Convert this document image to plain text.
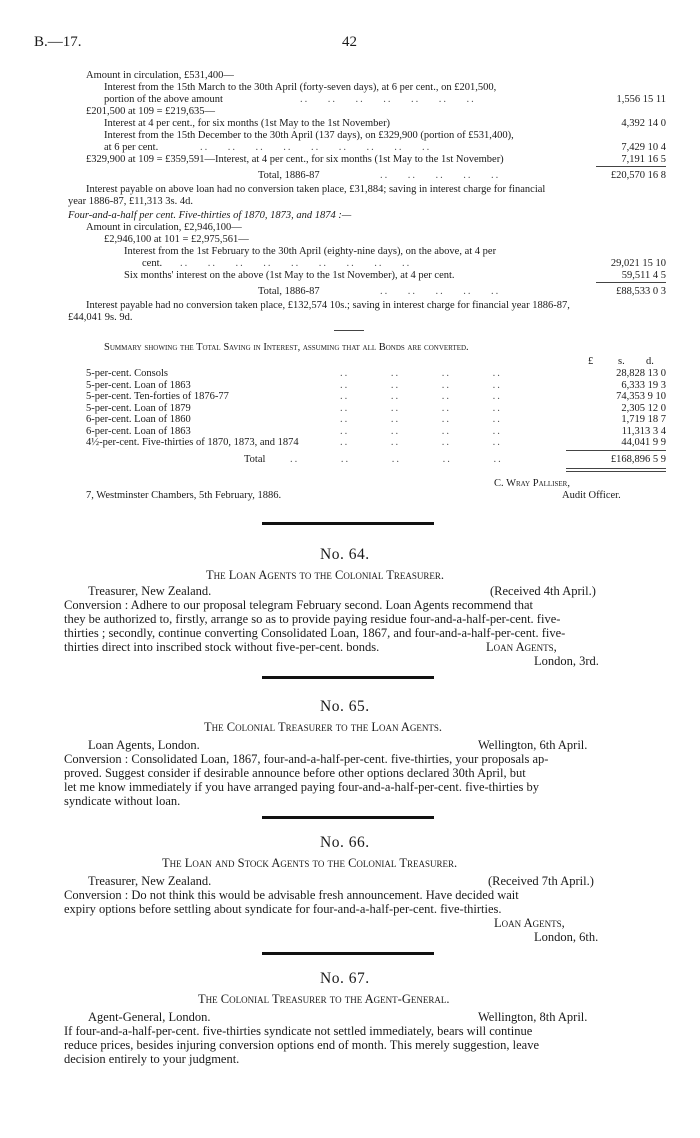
B.—17.	42
Amount in circulation, £531,400—
Interest from the 15th March to the 30th April (forty-seven days), at 6 per cent., on £201,500,
portion of the above amount	..    ..    ..    ..    ..    ..    ..	1,556 15 11
£201,500 at 109 = £219,635—
Interest at 4 per cent., for six months (1st May to the 1st November)	4,392 14 0
Interest from the 15th December to the 30th April (137 days), on £329,900 (portion of £531,400),
at 6 per cent.	..    ..    ..    ..    ..    ..    ..    ..    ..	7,429 10 4
£329,900 at 109 = £359,591—Interest, at 4 per cent., for six months (1st May to the 1st November)	7,191 16 5
Total, 1886-87	..    ..    ..    ..    ..	£20,570 16 8
Interest payable on above loan had no conversion taken place, £31,884; saving in interest charge for financial
year 1886-87, £11,313 3s. 4d.
Four-and-a-half per cent. Five-thirties of 1870, 1873, and 1874 :—
Amount in circulation, £2,946,100—
£2,946,100 at 101 = £2,975,561—
Interest from the 1st February to the 30th April (eighty-nine days), on the above, at 4 per
cent. ..    ..    ..    ..    ..    ..    ..    ..    ..	29,021 15 10
Six months' interest on the above (1st May to the 1st November), at 4 per cent.	59,511 4 5
Total, 1886-87	..    ..    ..    ..    ..	£88,533 0 3
Interest payable had no conversion taken place, £132,574 10s.; saving in interest charge for financial year 1886-87,
£44,041 9s. 9d.
Summary showing the Total Saving in Interest, assuming that all Bonds are converted.
£ s. d.
5-per-cent. Consols	..         ..         ..         ..	28,828 13 0
5-per-cent. Loan of 1863	..         ..         ..         ..	6,333 19 3
5-per-cent. Ten-forties of 1876-77	..         ..         ..         ..	74,353 9 10
5-per-cent. Loan of 1879	..         ..         ..         ..	2,305 12 0
6-per-cent. Loan of 1860	..         ..         ..         ..	1,719 18 7
6-per-cent. Loan of 1863	..         ..         ..         ..	11,313 3 4
4½-per-cent. Five-thirties of 1870, 1873, and 1874	..         ..         ..         ..	44,041 9 9
Total ..         ..         ..         ..         ..	£168,896 5 9
C. Wray Palliser,
7, Westminster Chambers, 5th February, 1886.	Audit Officer.
No. 64.
The Loan Agents to the Colonial Treasurer.
Treasurer, New Zealand.	(Received 4th April.)
Conversion : Adhere to our proposal telegram February second. Loan Agents recommend that
they be authorized to, firstly, arrange so as to provide paying residue four-and-a-half-per-cent. five-
thirties ; secondly, continue converting Consolidated Loan, 1867, and four-and-a-half-per-cent. five-
thirties direct into inscribed stock without five-per-cent. bonds.	Loan Agents,
London, 3rd.
No. 65.
The Colonial Treasurer to the Loan Agents.
Loan Agents, London.	Wellington, 6th April.
Conversion : Consolidated Loan, 1867, four-and-a-half-per-cent. five-thirties, your proposals ap-
proved. Suggest consider if desirable announce before other options declared 30th April, but
let me know immediately if you have arranged paying four-and-a-half-per-cent. five-thirties by
syndicate without loan.
No. 66.
The Loan and Stock Agents to the Colonial Treasurer.
Treasurer, New Zealand.	(Received 7th April.)
Conversion : Do not think this would be advisable fresh announcement. Have decided wait
expiry options before settling about syndicate for four-and-a-half-per-cent. five-thirties.
Loan Agents,
London, 6th.
No. 67.
The Colonial Treasurer to the Agent-General.
Agent-General, London.	Wellington, 8th April.
If four-and-a-half-per-cent. five-thirties syndicate not settled immediately, bears will continue
reduce prices, besides injuring conversion options end of month. This merely suggestion, leave
decision entirely to your judgment.
